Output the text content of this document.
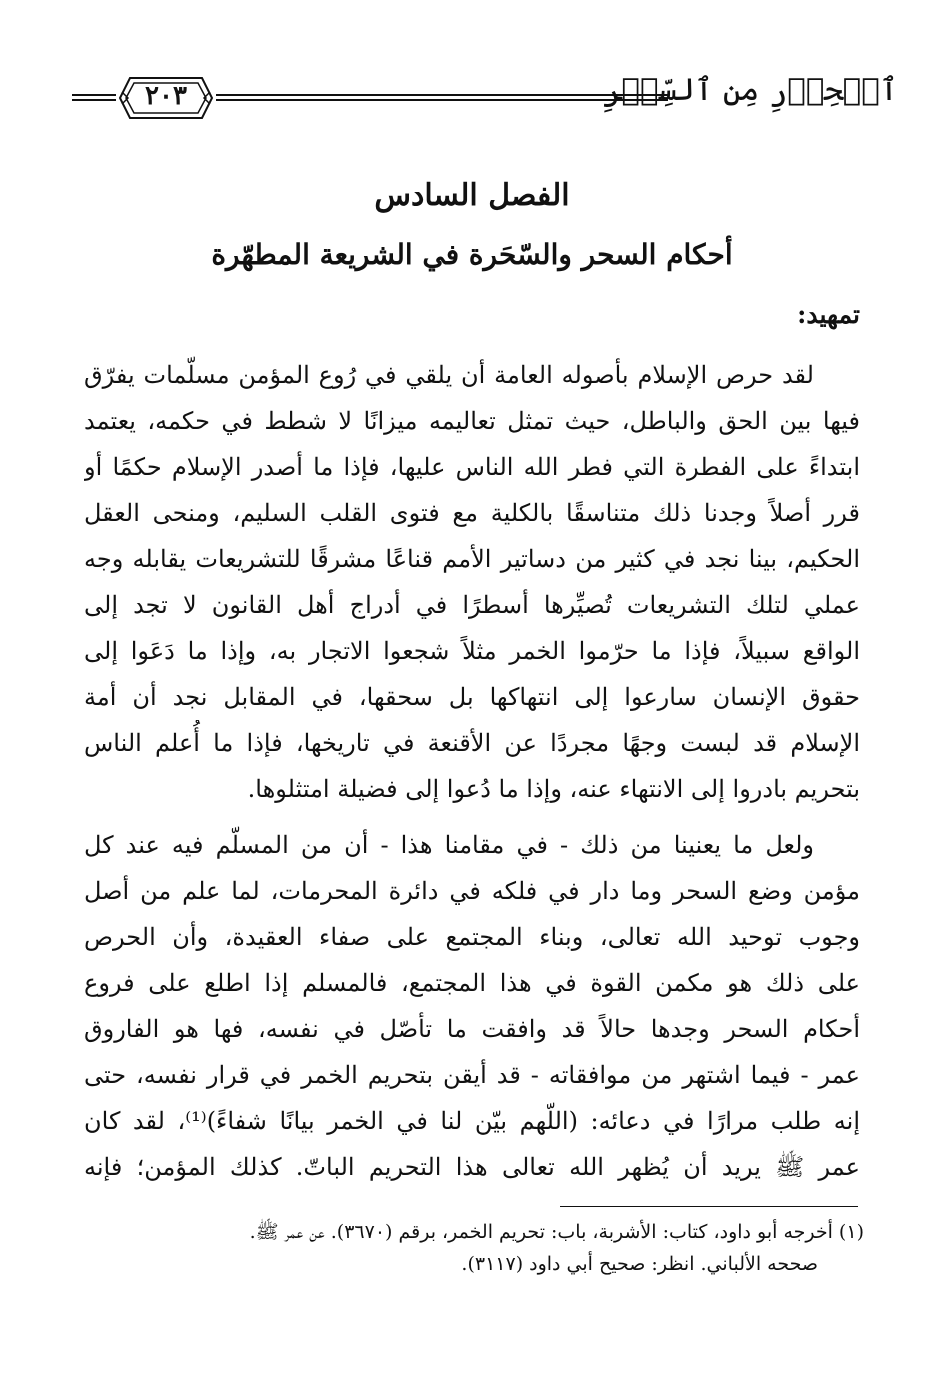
ٱلۡحِذۡرِ مِن ٱلسِّحۡرِ
٢٠٣
الفصل السادس
أحكام السحر والسّحَرة في الشريعة المطهّرة
تمهيد:
لقد حرص الإسلام بأصوله العامة أن يلقي في رُوع المؤمن مسلّمات يفرّق
فيها بين الحق والباطل، حيث تمثل تعاليمه ميزانًا لا شطط في حكمه، يعتمد
ابتداءً على الفطرة التي فطر الله الناس عليها، فإذا ما أصدر الإسلام حكمًا أو
قرر أصلاً وجدنا ذلك متناسقًا بالكلية مع فتوى القلب السليم، ومنحى العقل
الحكيم، بينا نجد في كثير من دساتير الأمم قناعًا مشرقًا للتشريعات يقابله وجه
عملي لتلك التشريعات تُصيِّرها أسطرًا في أدراج أهل القانون لا تجد إلى
الواقع سبيلاً، فإذا ما حرّموا الخمر مثلاً شجعوا الاتجار به، وإذا ما دَعَوا إلى
حقوق الإنسان سارعوا إلى انتهاكها بل سحقها، في المقابل نجد أن أمة
الإسلام قد لبست وجهًا مجردًا عن الأقنعة في تاريخها، فإذا ما أُعلم الناس
بتحريم بادروا إلى الانتهاء عنه، وإذا ما دُعوا إلى فضيلة امتثلوها.
ولعل ما يعنينا من ذلك - في مقامنا هذا - أن من المسلّم فيه عند كل
مؤمن وضع السحر وما دار في فلكه في دائرة المحرمات، لما علم من أصل
وجوب توحيد الله تعالى، وبناء المجتمع على صفاء العقيدة، وأن الحرص
على ذلك هو مكمن القوة في هذا المجتمع، فالمسلم إذا اطلع على فروع
أحكام السحر وجدها حالاً قد وافقت ما تأصّل في نفسه، فها هو الفاروق
عمر - فيما اشتهر من موافقاته - قد أيقن بتحريم الخمر في قرار نفسه، حتى
إنه طلب مرارًا في دعائه: (اللّهم بيّن لنا في الخمر بيانًا شفاءً)⁽¹⁾، لقد كان
عمر ﷺ يريد أن يُظهر الله تعالى هذا التحريم الباتّ. كذلك المؤمن؛ فإنه
(١) أخرجه أبو داود، كتاب: الأشربة، باب: تحريم الخمر، برقم (٣٦٧٠). عن عمر ﷺ.
صححه الألباني. انظر: صحيح أبي داود (٣١١٧).
